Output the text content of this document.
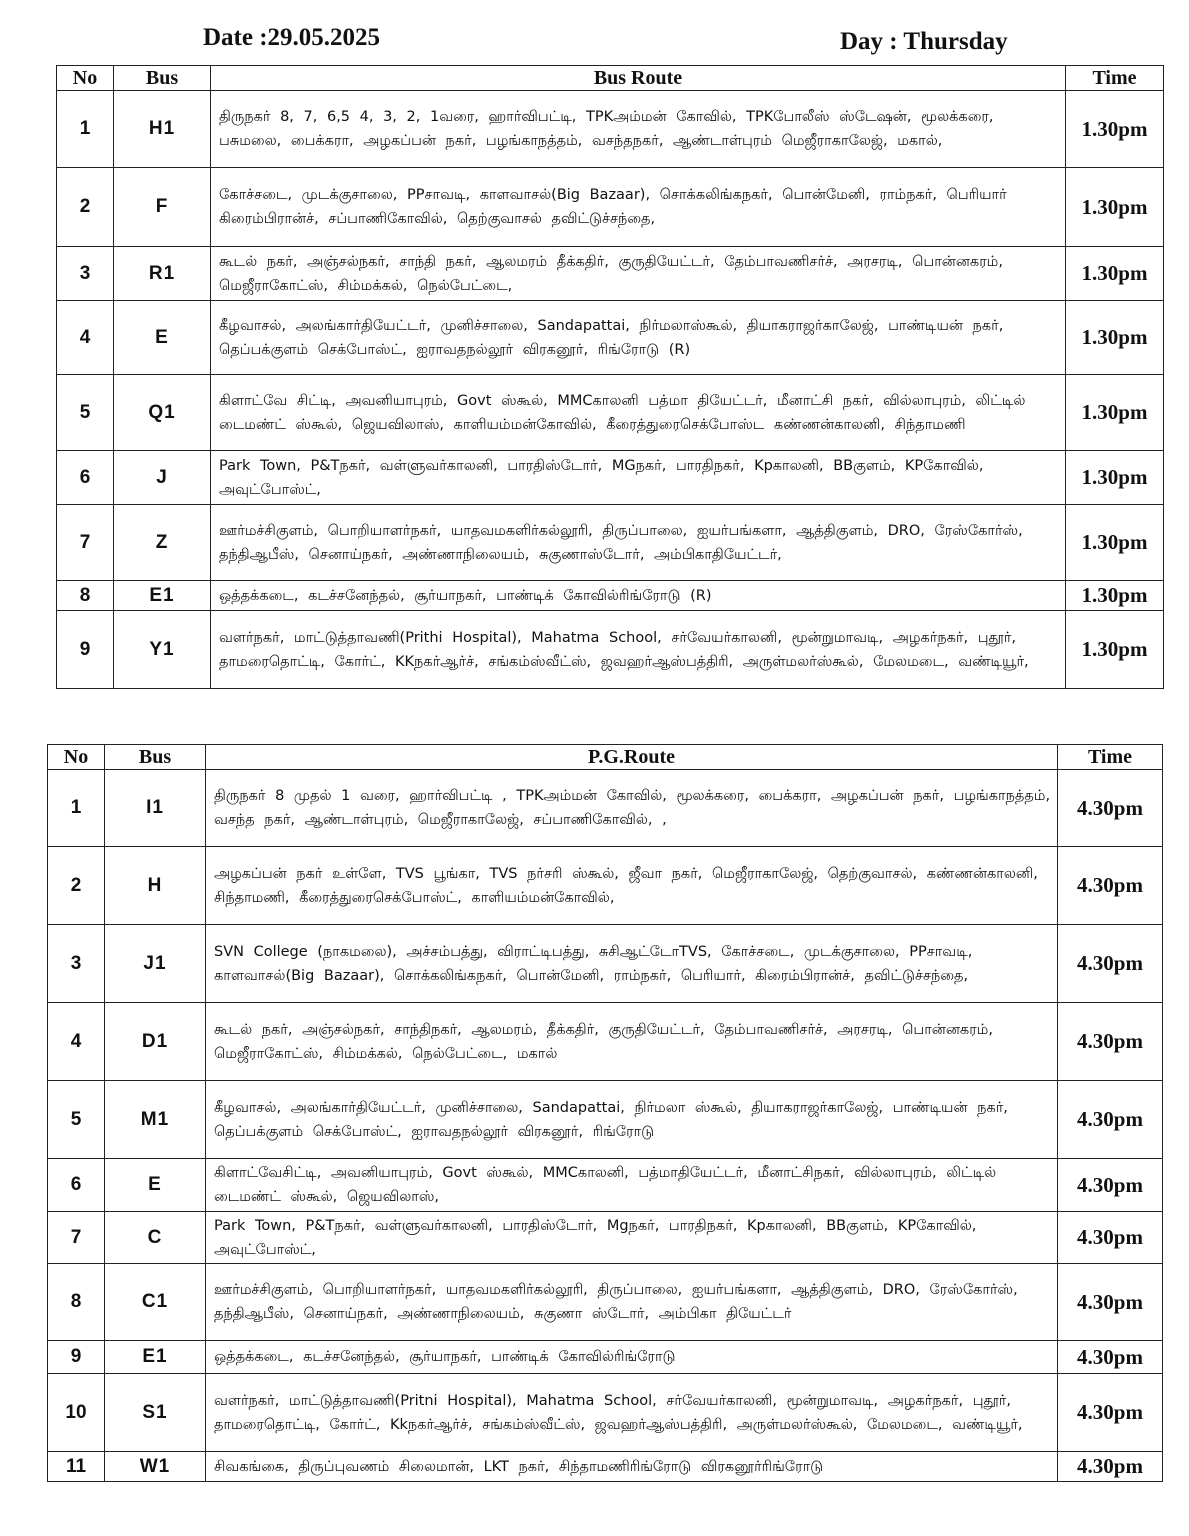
Date :29.05.2025	Day : Thursday
No	Bus	Bus Route	Time
1	H1	திருநகர் 8, 7, 6,5 4, 3, 2, 1வரை, ஹார்விபட்டி, TPKஅம்மன் கோவில், TPKபோலீஸ் ஸ்டேஷன், மூலக்கரை, பசுமலை, பைக்கரா, அழகப்பன் நகர், பழங்காநத்தம், வசந்தநகர், ஆண்டாள்புரம் மெஜீராகாலேஜ், மகால்,	1.30pm
2	F	கோச்சடை, முடக்குசாலை, PPசாவடி, காளவாசல்(Big Bazaar), சொக்கலிங்கநகர், பொன்மேனி, ராம்நகர், பெரியார் கிரைம்பிரான்ச், சப்பாணிகோவில், தெற்குவாசல் தவிட்டுச்சந்தை,	1.30pm
3	R1	கூடல் நகர், அஞ்சல்நகர், சாந்தி நகர், ஆலமரம் தீக்கதிர், குருதியேட்டர், தேம்பாவணிசர்ச், அரசரடி, பொன்னகரம், மெஜீராகோட்ஸ், சிம்மக்கல், நெல்பேட்டை,	1.30pm
4	E	கீழவாசல், அலங்கார்தியேட்டர், முனிச்சாலை, Sandapattai, நிர்மலாஸ்கூல், தியாகராஜர்காலேஜ், பாண்டியன் நகர், தெப்பக்குளம் செக்போஸ்ட், ஐராவதநல்லூர் விரகனூர், ரிங்ரோடு (R)	1.30pm
5	Q1	கிளாட்வே சிட்டி, அவனியாபுரம், Govt ஸ்கூல், MMCகாலனி பத்மா தியேட்டர், மீனாட்சி நகர், வில்லாபுரம், லிட்டில் டைமண்ட் ஸ்கூல், ஜெயவிலாஸ், காளியம்மன்கோவில், கீரைத்துரைசெக்போஸ்ட கண்ணன்காலனி, சிந்தாமணி	1.30pm
6	J	Park Town, P&Tநகர், வள்ளுவர்காலனி, பாரதிஸ்டோர், MGநகர், பாரதிநகர், Kpகாலனி, BBகுளம், KPகோவில், அவுட்போஸ்ட்,	1.30pm
7	Z	ஊர்மச்சிகுளம், பொறியாளர்நகர், யாதவமகளிர்கல்லூரி, திருப்பாலை, ஐயர்பங்களா, ஆத்திகுளம், DRO, ரேஸ்கோர்ஸ், தந்திஆபீஸ், செனாய்நகர், அண்ணாநிலையம், சுகுணாஸ்டோர், அம்பிகாதியேட்டர்,	1.30pm
8	E1	ஒத்தக்கடை, கடச்சனேந்தல், சூர்யாநகர், பாண்டிக் கோவில்ரிங்ரோடு (R)	1.30pm
9	Y1	வளர்நகர், மாட்டுத்தாவணி(Prithi Hospital), Mahatma School, சர்வேயர்காலனி, மூன்றுமாவடி, அழகர்நகர், புதூர், தாமரைதொட்டி, கோர்ட், KKநகர்ஆர்ச், சங்கம்ஸ்வீட்ஸ், ஜவஹர்ஆஸ்பத்திரி, அருள்மலர்ஸ்கூல், மேலமடை, வண்டியூர்,	1.30pm
No	Bus	P.G.Route	Time
1	I1	திருநகர் 8 முதல் 1 வரை, ஹார்விபட்டி , TPKஅம்மன் கோவில், மூலக்கரை, பைக்கரா, அழகப்பன் நகர், பழங்காநத்தம், வசந்த நகர், ஆண்டாள்புரம், மெஜீராகாலேஜ், சப்பாணிகோவில், ,	4.30pm
2	H	அழகப்பன் நகர் உள்ளே, TVS பூங்கா, TVS நர்சரி ஸ்கூல், ஜீவா நகர், மெஜீராகாலேஜ், தெற்குவாசல், கண்ணன்காலனி, சிந்தாமணி, கீரைத்துரைசெக்போஸ்ட், காளியம்மன்கோவில்,	4.30pm
3	J1	SVN College (நாகமலை), அச்சம்பத்து, விராட்டிபத்து, சுசிஆட்டோTVS, கோச்சடை, முடக்குசாலை, PPசாவடி, காளவாசல்(Big Bazaar), சொக்கலிங்கநகர், பொன்மேனி, ராம்நகர், பெரியார், கிரைம்பிரான்ச், தவிட்டுச்சந்தை,	4.30pm
4	D1	கூடல் நகர், அஞ்சல்நகர், சாந்திநகர், ஆலமரம், தீக்கதிர், குருதியேட்டர், தேம்பாவணிசர்ச், அரசரடி, பொன்னகரம், மெஜீராகோட்ஸ், சிம்மக்கல், நெல்பேட்டை, மகால்	4.30pm
5	M1	கீழவாசல், அலங்கார்தியேட்டர், முனிச்சாலை, Sandapattai, நிர்மலா ஸ்கூல், தியாகராஜர்காலேஜ், பாண்டியன் நகர், தெப்பக்குளம் செக்போஸ்ட், ஐராவதநல்லூர் விரகனூர், ரிங்ரோடு	4.30pm
6	E	கிளாட்வேசிட்டி, அவனியாபுரம், Govt ஸ்கூல், MMCகாலனி, பத்மாதியேட்டர், மீனாட்சிநகர், வில்லாபுரம், லிட்டில் டைமண்ட் ஸ்கூல், ஜெயவிலாஸ்,	4.30pm
7	C	Park Town, P&Tநகர், வள்ளுவர்காலனி, பாரதிஸ்டோர், Mgநகர், பாரதிநகர், Kpகாலனி, BBகுளம், KPகோவில், அவுட்போஸ்ட்,	4.30pm
8	C1	ஊர்மச்சிகுளம், பொறியாளர்நகர், யாதவமகளிர்கல்லூரி, திருப்பாலை, ஐயர்பங்களா, ஆத்திகுளம், DRO, ரேஸ்கோர்ஸ், தந்திஆபீஸ், செனாய்நகர், அண்ணாநிலையம், சுகுணா ஸ்டோர், அம்பிகா தியேட்டர்	4.30pm
9	E1	ஒத்தக்கடை, கடச்சனேந்தல், சூர்யாநகர், பாண்டிக் கோவில்ரிங்ரோடு	4.30pm
10	S1	வளர்நகர், மாட்டுத்தாவணி(Pritni Hospital), Mahatma School, சர்வேயர்காலனி, மூன்றுமாவடி, அழகர்நகர், புதூர், தாமரைதொட்டி, கோர்ட், Kkநகர்ஆர்ச், சங்கம்ஸ்வீட்ஸ், ஜவஹர்ஆஸ்பத்திரி, அருள்மலர்ஸ்கூல், மேலமடை, வண்டியூர்,	4.30pm
11	W1	சிவகங்கை, திருப்புவணம் சிலைமான், LKT நகர், சிந்தாமணிரிங்ரோடு விரகனூர்ரிங்ரோடு	4.30pm
